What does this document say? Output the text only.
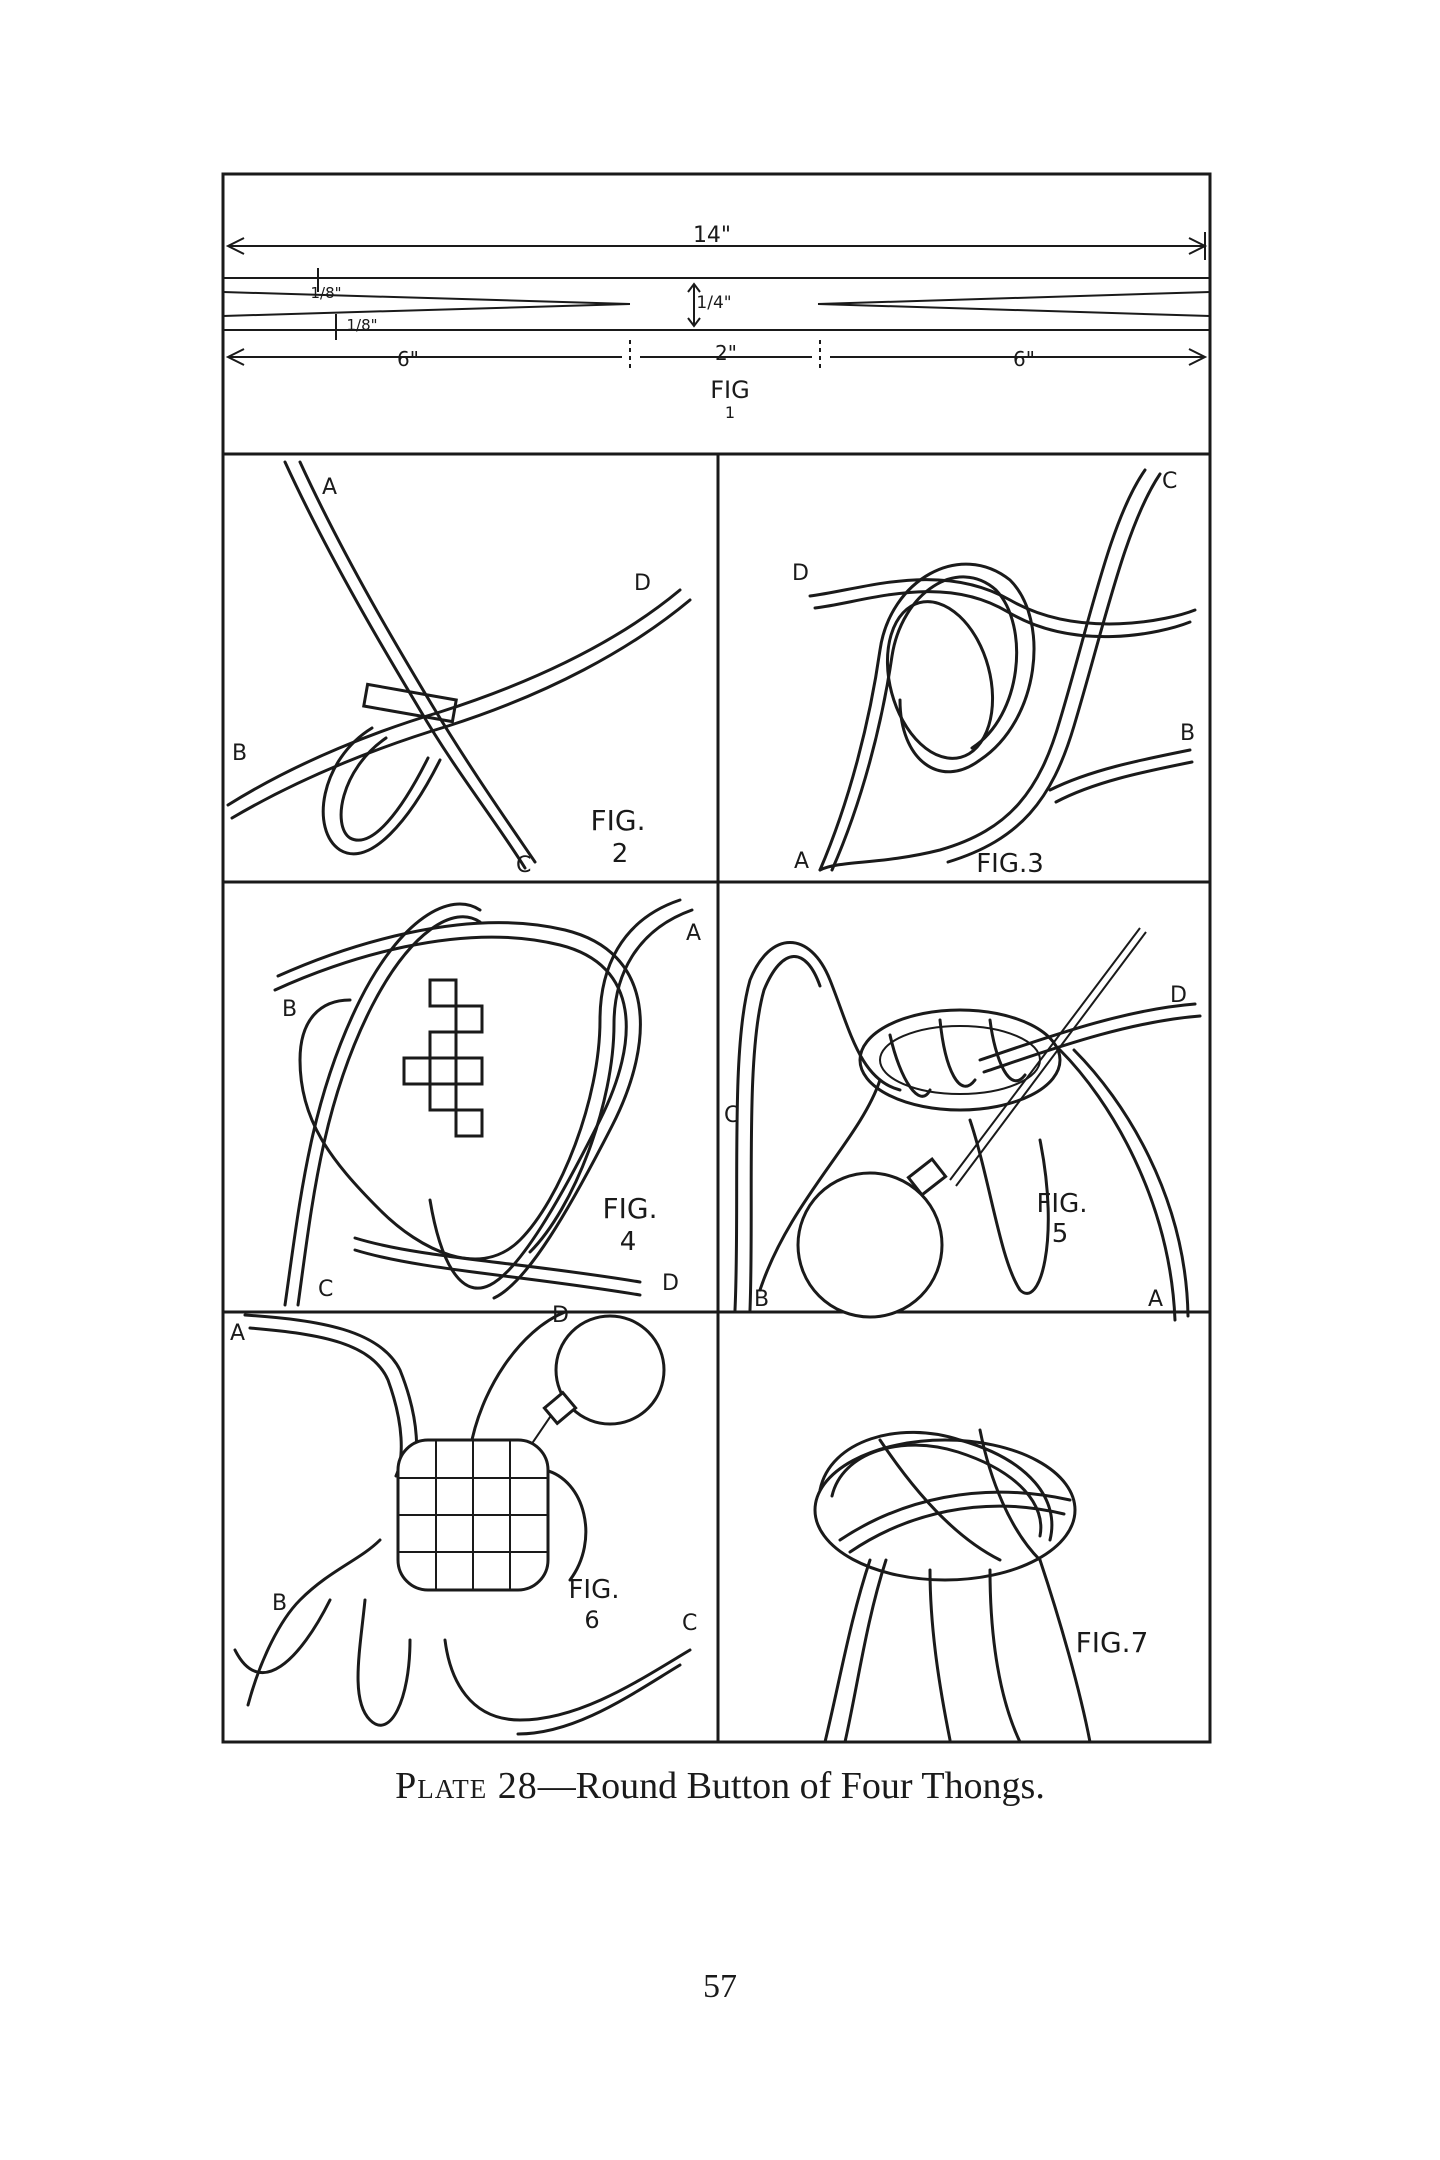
14"
1/8"
1/8"
1/4"
6"	2"	6"
FIG
1
A
D
B
C
FIG.
2
C
D
B
A	FIG.3
A
B
C	D
FIG.
4
D
C
B	A
FIG.
5
A
D
B
C
FIG.
6
FIG.7
Plate 28—Round Button of Four Thongs.
57
